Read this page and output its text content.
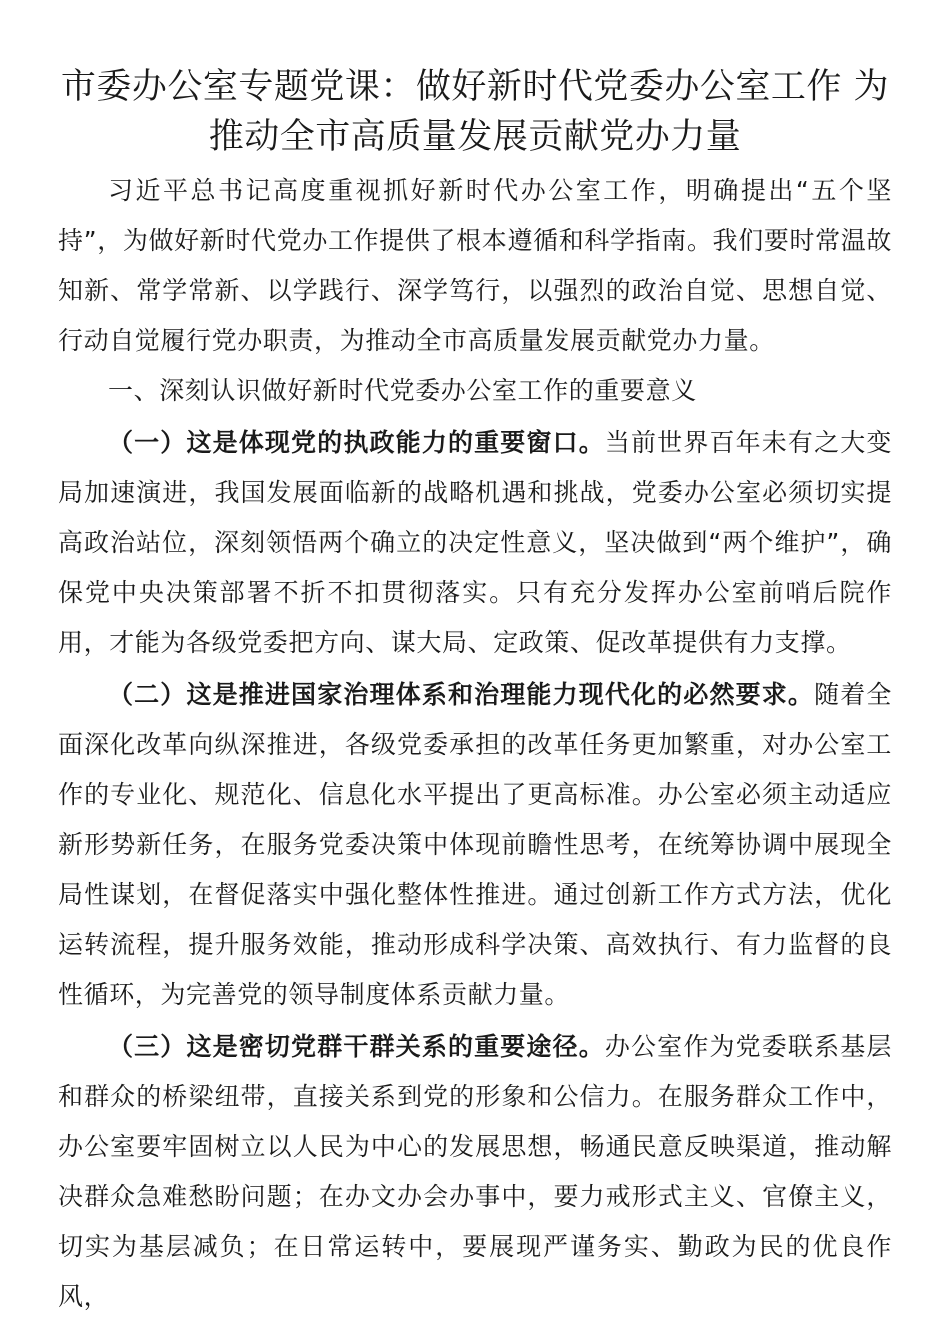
市委办公室专题党课：做好新时代党委办公室工作 为推动全市高质量发展贡献党办力量

习近平总书记高度重视抓好新时代办公室工作，明确提出“五个坚持”，为做好新时代党办工作提供了根本遵循和科学指南。我们要时常温故知新、常学常新、以学践行、深学笃行，以强烈的政治自觉、思想自觉、行动自觉履行党办职责，为推动全市高质量发展贡献党办力量。

一、深刻认识做好新时代党委办公室工作的重要意义

（一）这是体现党的执政能力的重要窗口。当前世界百年未有之大变局加速演进，我国发展面临新的战略机遇和挑战，党委办公室必须切实提高政治站位，深刻领悟两个确立的决定性意义，坚决做到“两个维护”，确保党中央决策部署不折不扣贯彻落实。只有充分发挥办公室前哨后院作用，才能为各级党委把方向、谋大局、定政策、促改革提供有力支撑。

（二）这是推进国家治理体系和治理能力现代化的必然要求。随着全面深化改革向纵深推进，各级党委承担的改革任务更加繁重，对办公室工作的专业化、规范化、信息化水平提出了更高标准。办公室必须主动适应新形势新任务，在服务党委决策中体现前瞻性思考，在统筹协调中展现全局性谋划，在督促落实中强化整体性推进。通过创新工作方式方法，优化运转流程，提升服务效能，推动形成科学决策、高效执行、有力监督的良性循环，为完善党的领导制度体系贡献力量。

（三）这是密切党群干群关系的重要途径。办公室作为党委联系基层和群众的桥梁纽带，直接关系到党的形象和公信力。在服务群众工作中，办公室要牢固树立以人民为中心的发展思想，畅通民意反映渠道，推动解决群众急难愁盼问题；在办文办会办事中，要力戒形式主义、官僚主义，切实为基层减负；在日常运转中，要展现严谨务实、勤政为民的优良作风，
